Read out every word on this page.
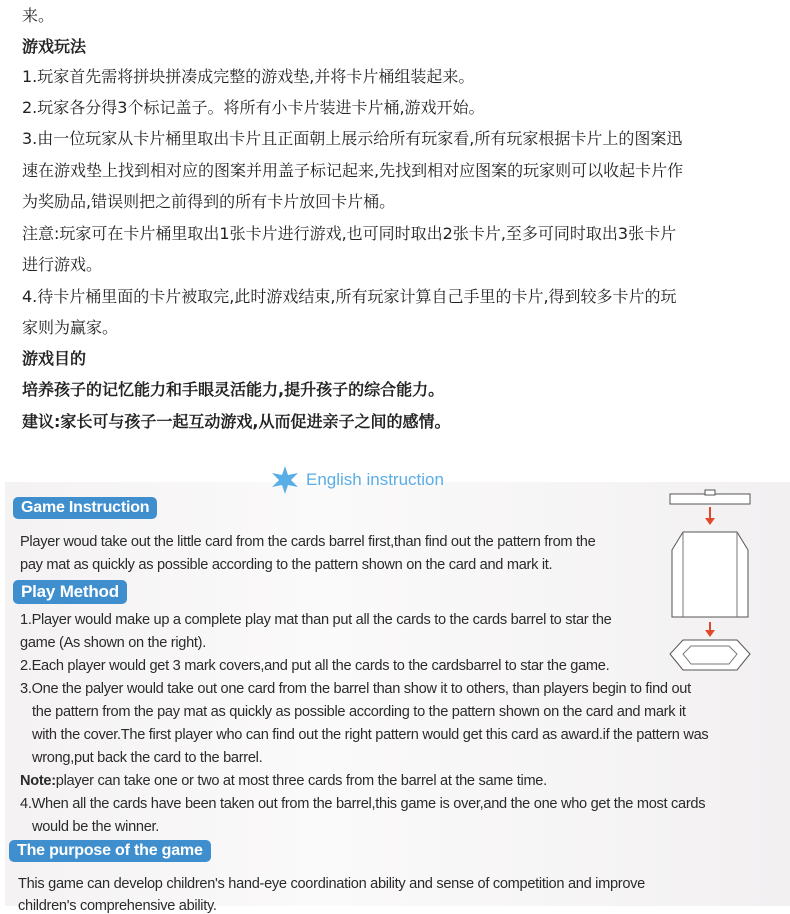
来。

游戏玩法

1.玩家首先需将拼块拼凑成完整的游戏垫,并将卡片桶组装起来。

2.玩家各分得3个标记盖子。将所有小卡片装进卡片桶,游戏开始。

3.由一位玩家从卡片桶里取出卡片且正面朝上展示给所有玩家看,所有玩家根据卡片上的图案迅

速在游戏垫上找到相对应的图案并用盖子标记起来,先找到相对应图案的玩家则可以收起卡片作

为奖励品,错误则把之前得到的所有卡片放回卡片桶。

注意:玩家可在卡片桶里取出1张卡片进行游戏,也可同时取出2张卡片,至多可同时取出3张卡片

进行游戏。

4.待卡片桶里面的卡片被取完,此时游戏结束,所有玩家计算自己手里的卡片,得到较多卡片的玩

家则为赢家。

游戏目的

培养孩子的记忆能力和手眼灵活能力,提升孩子的综合能力。

建议:家长可与孩子一起互动游戏,从而促进亲子之间的感情。

Game Instruction
Player woud take out the little card from the cards barrel first,than find out the pattern from the
pay mat as quickly as possible according to the pattern shown on the card and mark it.
Play Method
1.Player would make up a complete play mat than put all the cards to the cards barrel to star the
game (As shown on the right).
2.Each player would get 3 mark covers,and put all the cards to the cardsbarrel to star the game.
3.One the palyer would take out one card from the barrel than show it to others, than players begin to find out
the pattern from the pay mat as quickly as possible according to the pattern shown on the card and mark it
with the cover.The first player who can find out the right pattern would get this card as award.if the pattern was
wrong,put back the card to the barrel.
Note:player can take one or two at most three cards from the barrel at the same time.
4.When all the cards have been taken out from the barrel,this game is over,and the one who get the most cards
would be the winner.
The purpose of the game
This game can develop children's hand-eye coordination ability and sense of competition and improve
children's comprehensive ability.
English instruction
